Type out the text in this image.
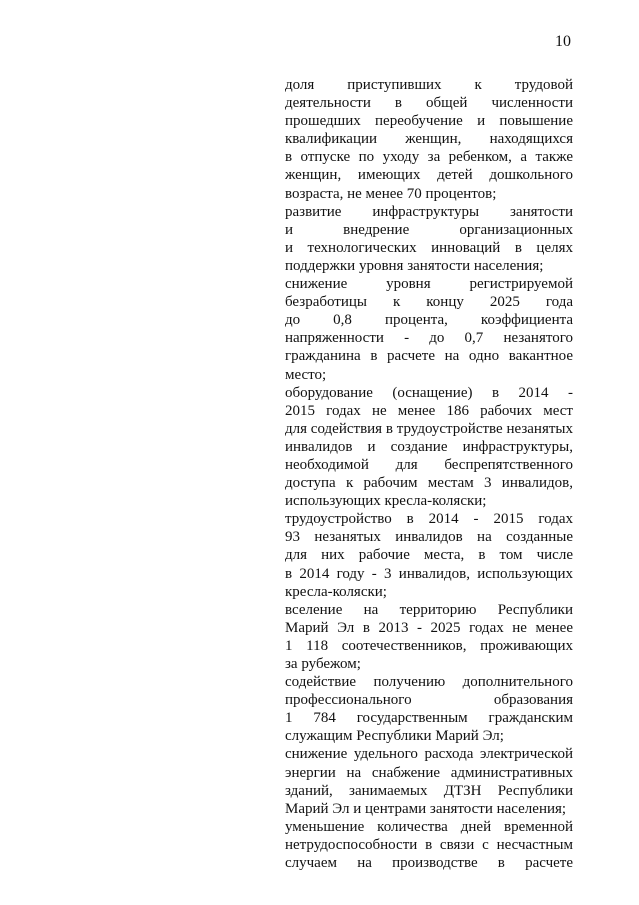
10
доля приступивших к трудовой
деятельности в общей численности
прошедших переобучение и повышение
квалификации женщин, находящихся
в отпуске по уходу за ребенком, а также
женщин, имеющих детей дошкольного
возраста, не менее 70 процентов;
развитие инфраструктуры занятости
и внедрение организационных
и технологических инноваций в целях
поддержки уровня занятости населения;
снижение уровня регистрируемой
безработицы к концу 2025 года
до 0,8 процента, коэффициента
напряженности - до 0,7 незанятого
гражданина в расчете на одно вакантное
место;
оборудование (оснащение) в 2014 -
2015 годах не менее 186 рабочих мест
для содействия в трудоустройстве незанятых
инвалидов и создание инфраструктуры,
необходимой для беспрепятственного
доступа к рабочим местам 3 инвалидов,
использующих кресла-коляски;
трудоустройство в 2014 - 2015 годах
93 незанятых инвалидов на созданные
для них рабочие места, в том числе
в 2014 году - 3 инвалидов, использующих
кресла-коляски;
вселение на территорию Республики
Марий Эл в 2013 - 2025 годах не менее
1 118 соотечественников, проживающих
за рубежом;
содействие получению дополнительного
профессионального образования
1 784 государственным гражданским
служащим Республики Марий Эл;
снижение удельного расхода электрической
энергии на снабжение административных
зданий, занимаемых ДТЗН Республики
Марий Эл и центрами занятости населения;
уменьшение количества дней временной
нетрудоспособности в связи с несчастным
случаем на производстве в расчете
